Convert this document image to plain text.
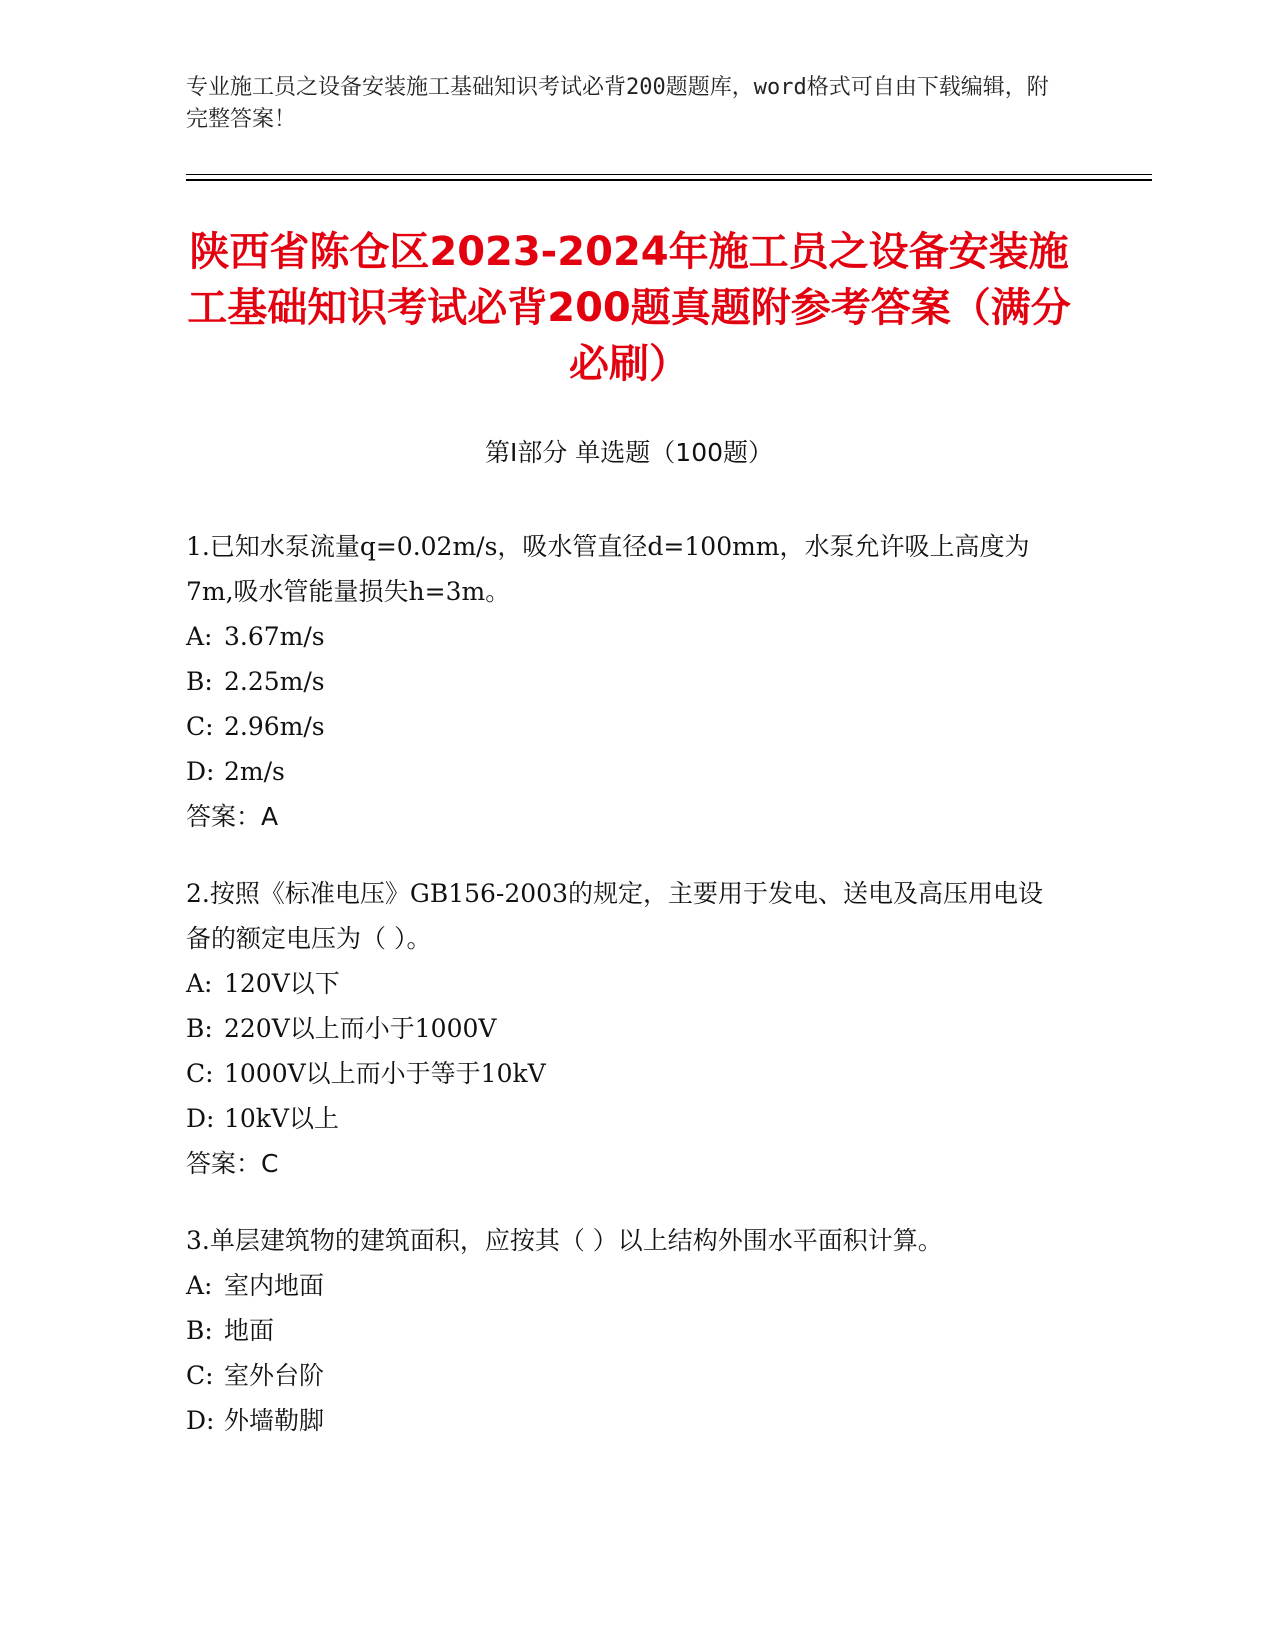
专业施工员之设备安装施工基础知识考试必背200题题库，word格式可自由下载编辑，附完整答案！
陕西省陈仓区2023-2024年施工员之设备安装施工基础知识考试必背200题真题附参考答案（满分必刷）
第I部分 单选题（100题）

1.已知水泵流量q=0.02m/s，吸水管直径d=100mm，水泵允许吸上高度为7m,吸水管能量损失h=3m。

A: 3.67m/s

B: 2.25m/s

C: 2.96m/s

D: 2m/s

答案：A

2.按照《标准电压》GB156-2003的规定，主要用于发电、送电及高压用电设备的额定电压为（ ）。

A: 120V以下

B: 220V以上而小于1000V

C: 1000V以上而小于等于10kV

D: 10kV以上

答案：C

3.单层建筑物的建筑面积，应按其（ ）以上结构外围水平面积计算。

A: 室内地面

B: 地面

C: 室外台阶

D: 外墙勒脚
